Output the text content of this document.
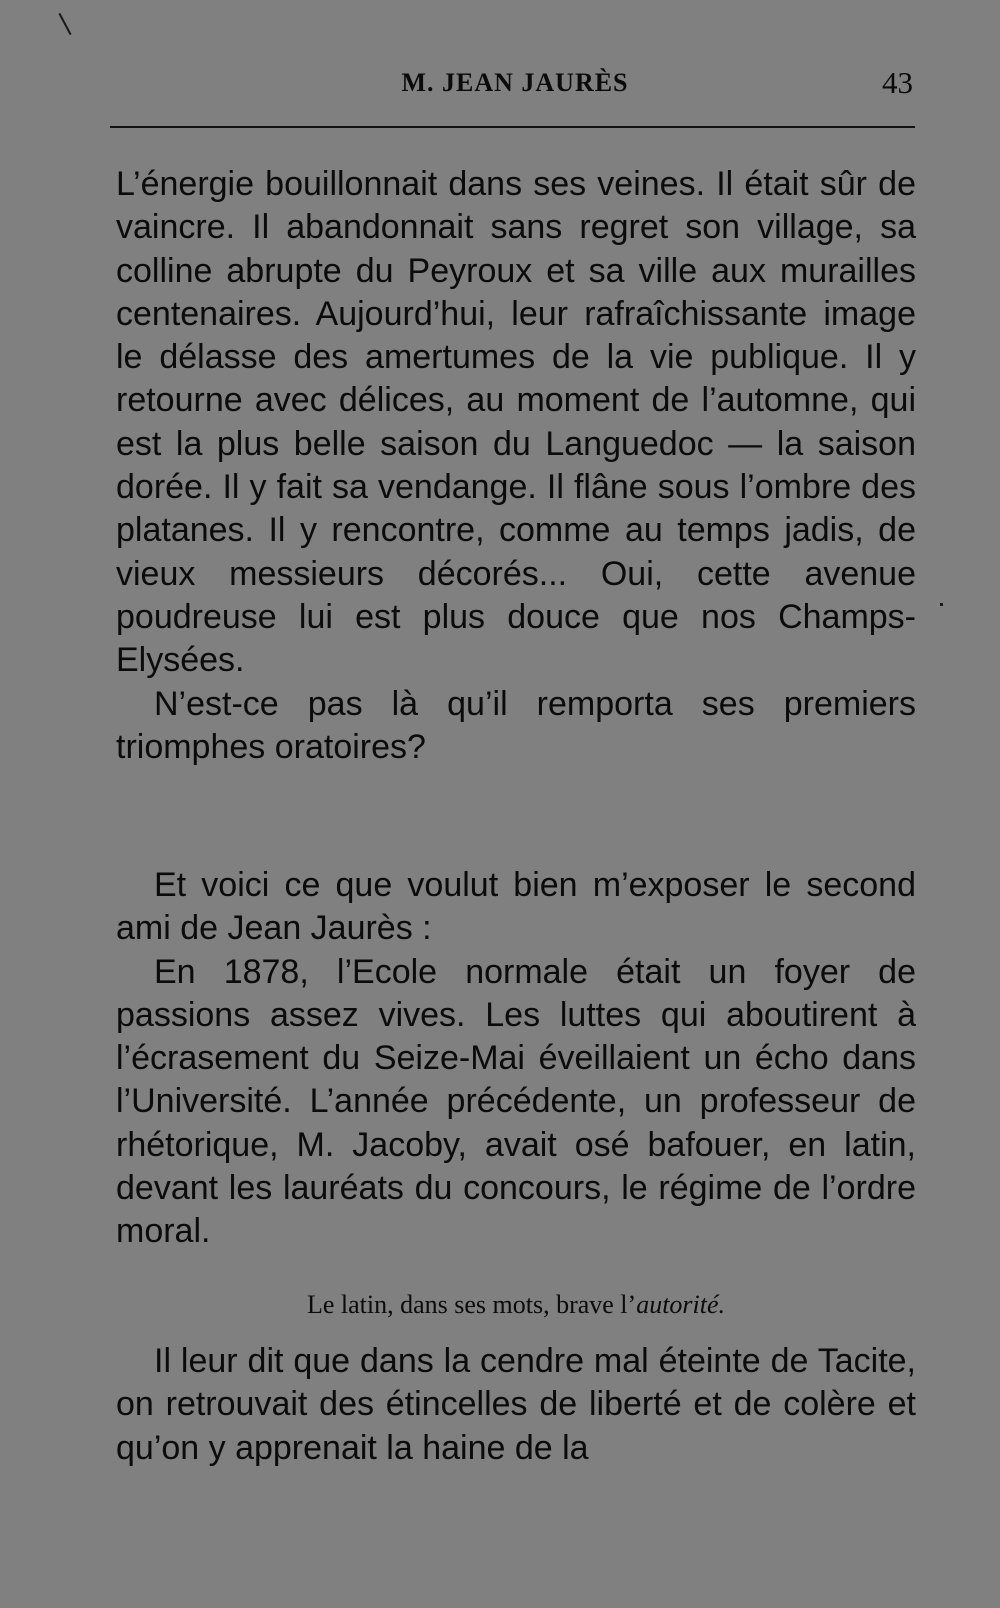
M. JEAN JAURÈS	43

L’énergie bouillonnait dans ses veines. Il était sûr de vaincre. Il abandonnait sans regret son village, sa colline abrupte du Peyroux et sa ville aux murailles centenaires. Aujourd’hui, leur rafraîchissante image le délasse des amertumes de la vie publique. Il y retourne avec délices, au moment de l’automne, qui est la plus belle saison du Languedoc — la saison dorée. Il y fait sa vendange. Il flâne sous l’ombre des platanes. Il y rencontre, comme au temps jadis, de vieux messieurs décorés... Oui, cette avenue poudreuse lui est plus douce que nos Champs-Elysées.

N’est-ce pas là qu’il remporta ses premiers triomphes oratoires?

Et voici ce que voulut bien m’exposer le second ami de Jean Jaurès :

En 1878, l’Ecole normale était un foyer de passions assez vives. Les luttes qui aboutirent à l’écrasement du Seize-Mai éveillaient un écho dans l’Université. L’année précédente, un professeur de rhétorique, M. Jacoby, avait osé bafouer, en latin, devant les lauréats du concours, le régime de l’ordre moral.

Le latin, dans ses mots, brave l’autorité.

Il leur dit que dans la cendre mal éteinte de Tacite, on retrouvait des étincelles de liberté et de colère et qu’on y apprenait la haine de la
